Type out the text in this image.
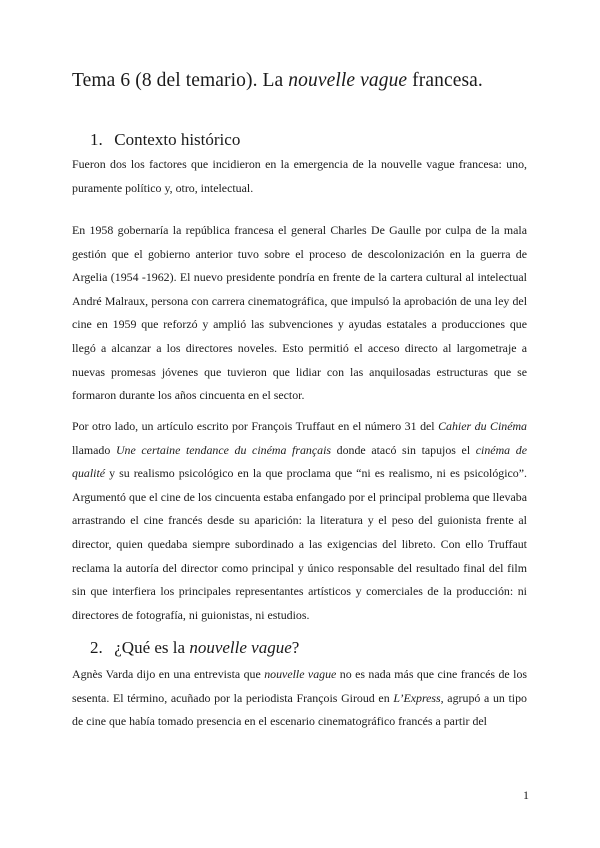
Tema 6 (8 del temario). La nouvelle vague francesa.
1. Contexto histórico

Fueron dos los factores que incidieron en la emergencia de la nouvelle vague francesa: uno, puramente político y, otro, intelectual.

En 1958 gobernaría la república francesa el general Charles De Gaulle por culpa de la mala gestión que el gobierno anterior tuvo sobre el proceso de descolonización en la guerra de Argelia (1954 -1962). El nuevo presidente pondría en frente de la cartera cultural al intelectual André Malraux, persona con carrera cinematográfica, que impulsó la aprobación de una ley del cine en 1959 que reforzó y amplió las subvenciones y ayudas estatales a producciones que llegó a alcanzar a los directores noveles. Esto permitió el acceso directo al largometraje a nuevas promesas jóvenes que tuvieron que lidiar con las anquilosadas estructuras que se formaron durante los años cincuenta en el sector.

Por otro lado, un artículo escrito por François Truffaut en el número 31 del Cahier du Cinéma llamado Une certaine tendance du cinéma français donde atacó sin tapujos el cinéma de qualité y su realismo psicológico en la que proclama que “ni es realismo, ni es psicológico”. Argumentó que el cine de los cincuenta estaba enfangado por el principal problema que llevaba arrastrando el cine francés desde su aparición: la literatura y el peso del guionista frente al director, quien quedaba siempre subordinado a las exigencias del libreto. Con ello Truffaut reclama la autoría del director como principal y único responsable del resultado final del film sin que interfiera los principales representantes artísticos y comerciales de la producción: ni directores de fotografía, ni guionistas, ni estudios.

2. ¿Qué es la nouvelle vague?

Agnès Varda dijo en una entrevista que nouvelle vague no es nada más que cine francés de los sesenta. El término, acuñado por la periodista François Giroud en L’Express, agrupó a un tipo de cine que había tomado presencia en el escenario cinematográfico francés a partir del

1
